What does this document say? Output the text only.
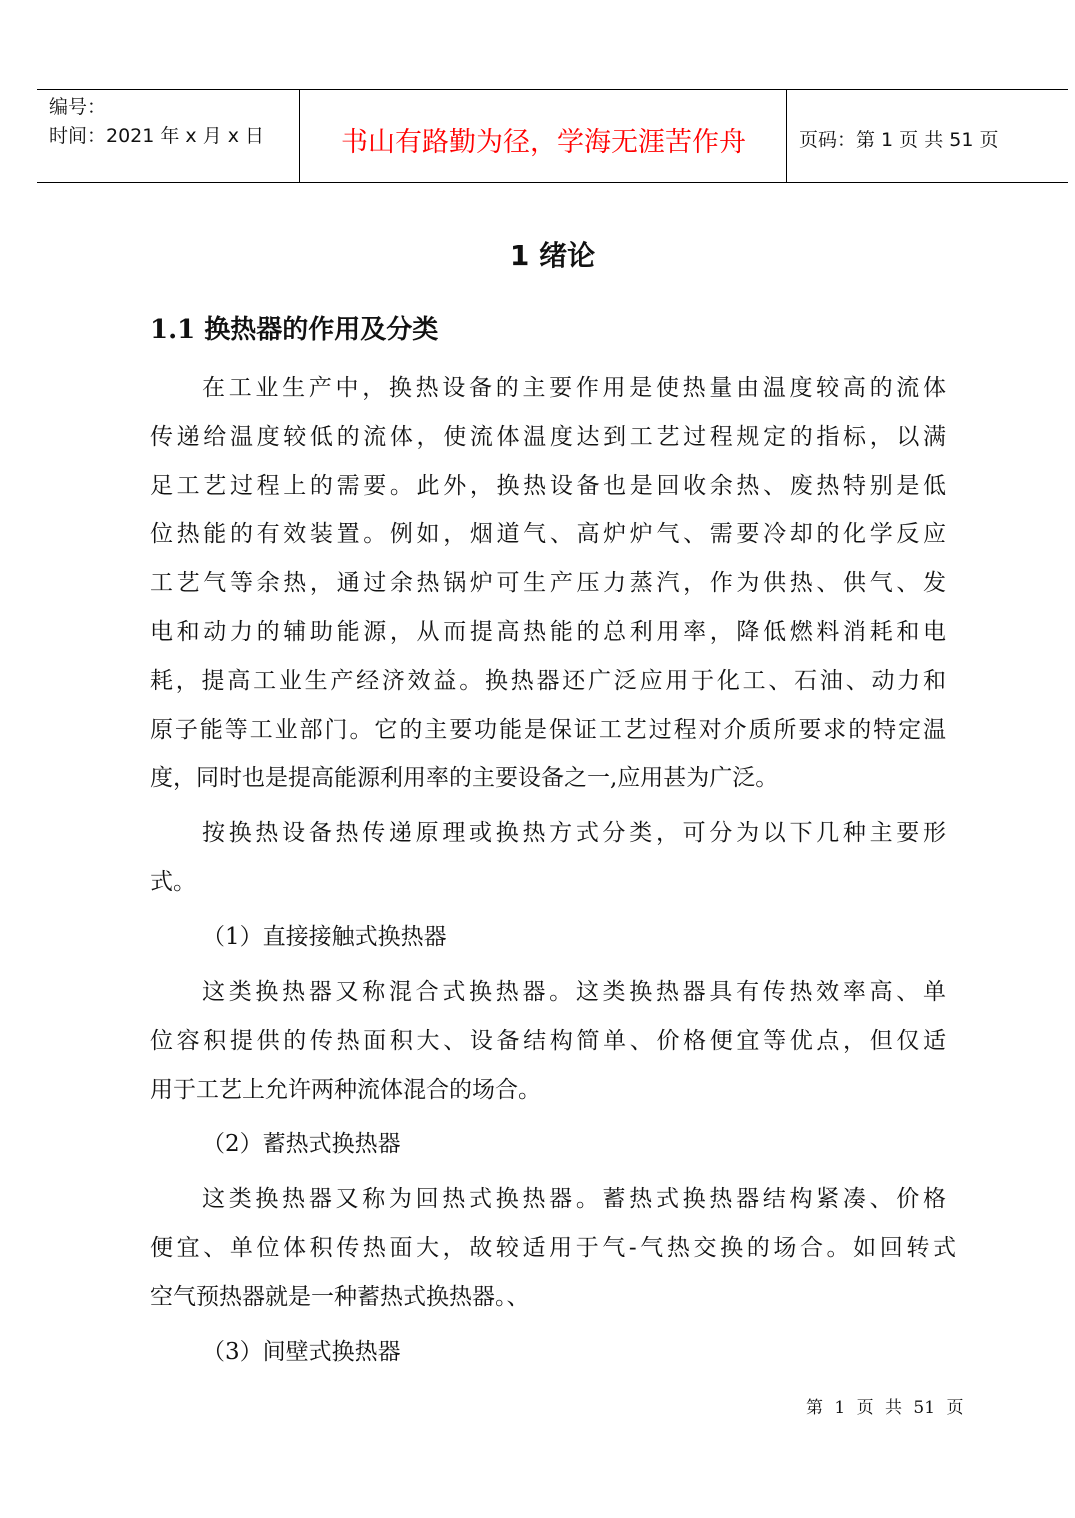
编号：
时间：2021 年 x 月 x 日	书山有路勤为径，学海无涯苦作舟	页码：第 1 页 共 51 页
1 绪论
1.1 换热器的作用及分类
在工业生产中，换热设备的主要作用是使热量由温度较高的流体
传递给温度较低的流体，使流体温度达到工艺过程规定的指标，以满
足工艺过程上的需要。此外，换热设备也是回收余热、废热特别是低
位热能的有效装置。例如，烟道气、高炉炉气、需要冷却的化学反应
工艺气等余热，通过余热锅炉可生产压力蒸汽，作为供热、供气、发
电和动力的辅助能源，从而提高热能的总利用率，降低燃料消耗和电
耗，提高工业生产经济效益。换热器还广泛应用于化工、石油、动力和
原子能等工业部门。它的主要功能是保证工艺过程对介质所要求的特定温
度，同时也是提高能源利用率的主要设备之一,应用甚为广泛。
按换热设备热传递原理或换热方式分类，可分为以下几种主要形
式。
（1）直接接触式换热器
这类换热器又称混合式换热器。这类换热器具有传热效率高、单
位容积提供的传热面积大、设备结构简单、价格便宜等优点，但仅适
用于工艺上允许两种流体混合的场合。
（2）蓄热式换热器
这类换热器又称为回热式换热器。蓄热式换热器结构紧凑、价格
便宜、单位体积传热面大，故较适用于气-气热交换的场合。如回转式
空气预热器就是一种蓄热式换热器。、
（3）间壁式换热器
第 1 页 共 51 页
